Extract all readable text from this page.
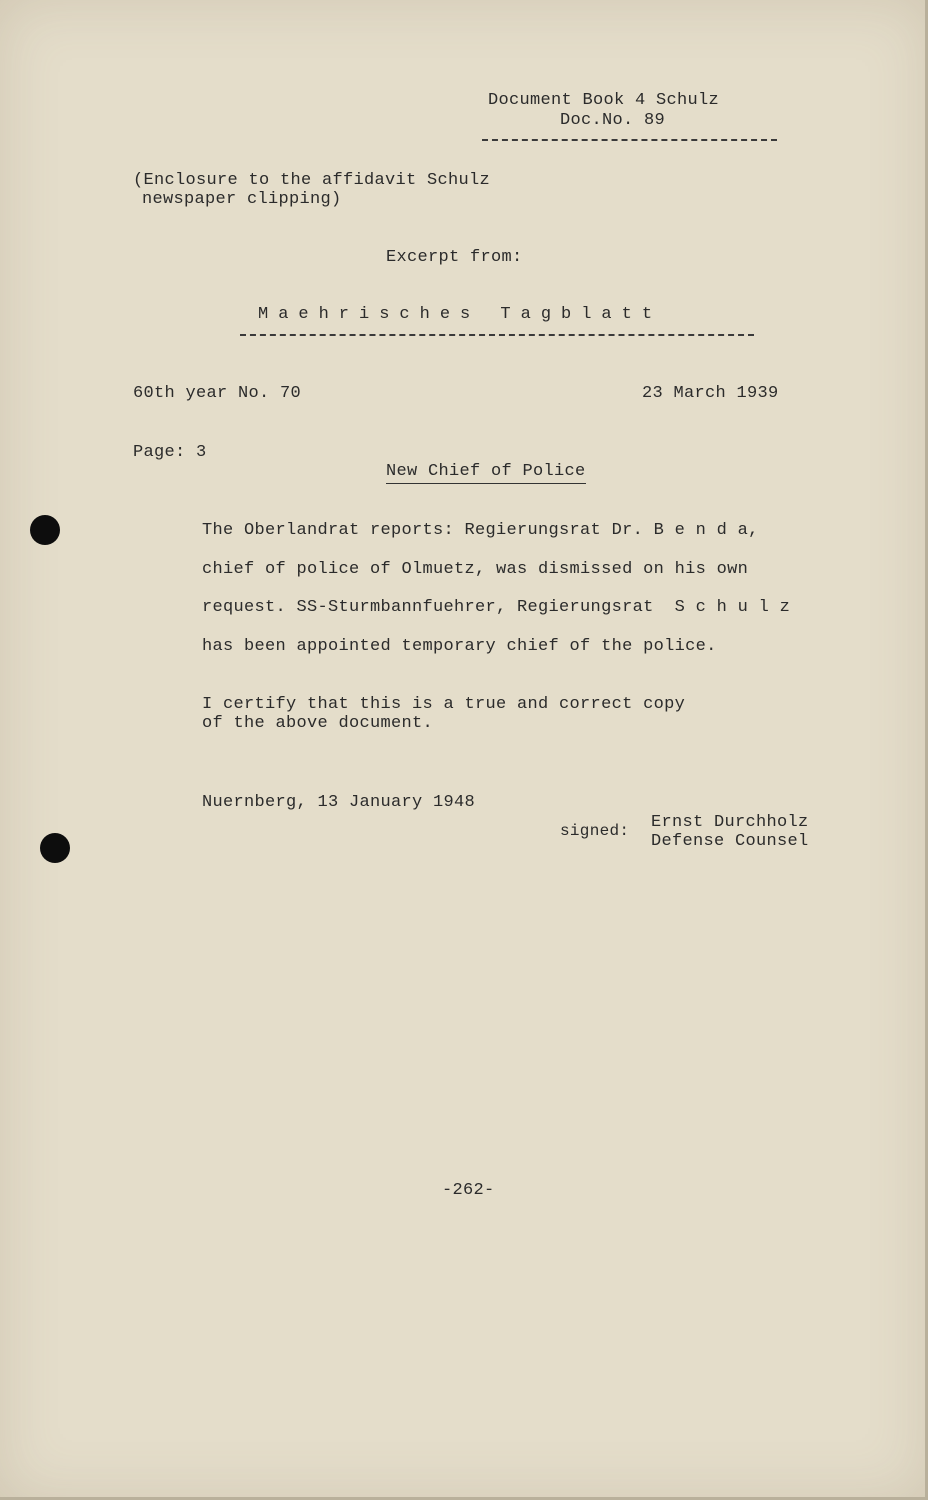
Document Book 4 Schulz
Doc.No. 89
(Enclosure to the affidavit Schulz
newspaper clipping)
Excerpt from:
Maehrisches Tagblatt
60th year No. 70	23 March 1939
Page: 3
New Chief of Police
The Oberlandrat reports: Regierungsrat Dr. B e n d a,
chief of police of Olmuetz, was dismissed on his own
request. SS-Sturmbannfuehrer, Regierungsrat  S c h u l z
has been appointed temporary chief of the police.
I certify that this is a true and correct copy
of the above document.
Nuernberg, 13 January 1948
signed: Ernst Durchholz
Defense Counsel
-262-
